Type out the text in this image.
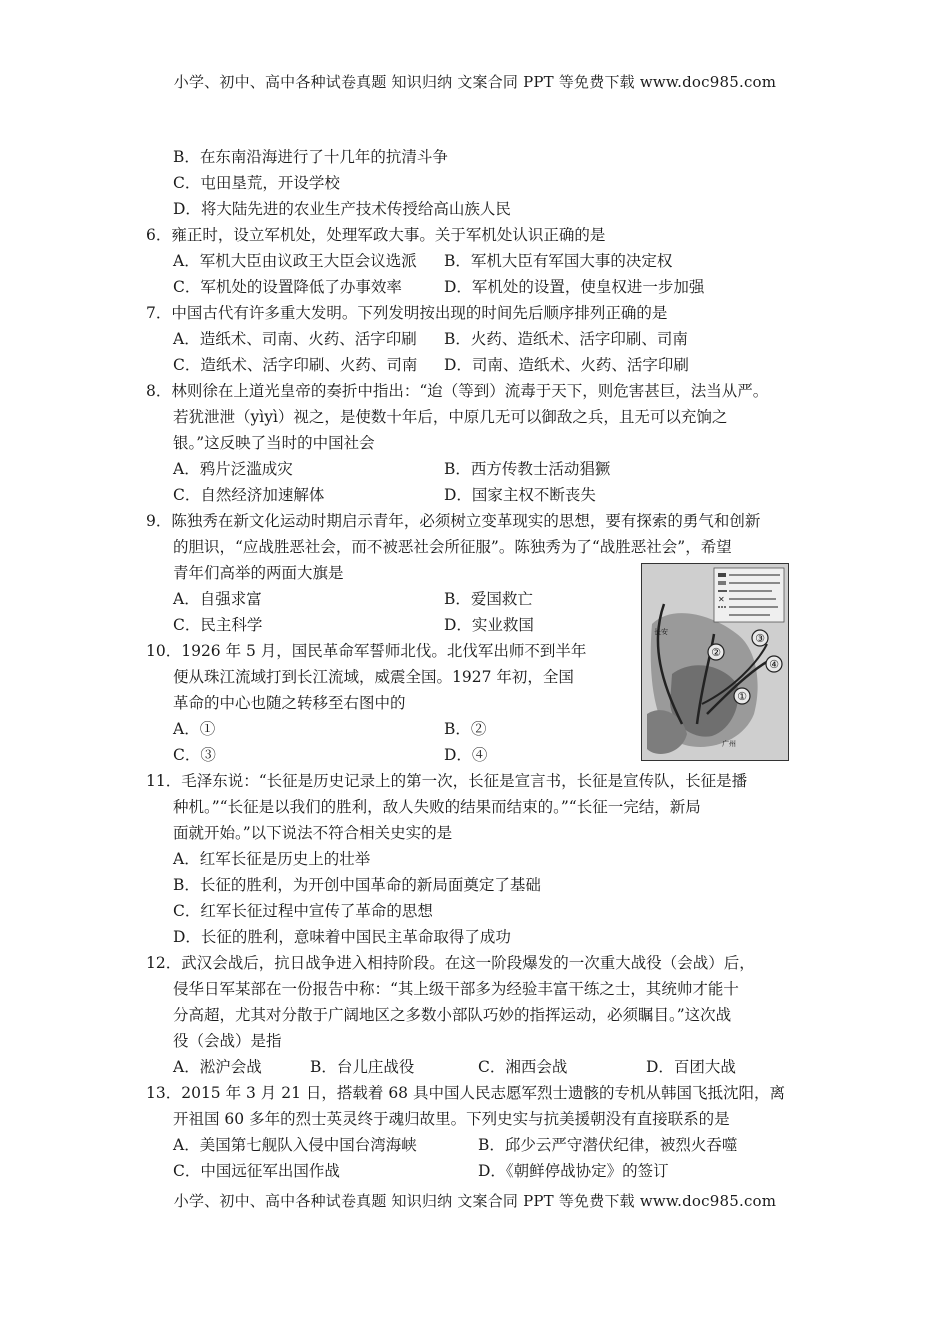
小学、初中、高中各种试卷真题 知识归纳 文案合同 PPT 等免费下载 www.doc985.com
B．在东南沿海进行了十几年的抗清斗争
C．屯田垦荒，开设学校
D．将大陆先进的农业生产技术传授给高山族人民
6．雍正时，设立军机处，处理军政大事。关于军机处认识正确的是
A．军机大臣由议政王大臣会议选派 B．军机大臣有军国大事的决定权
C．军机处的设置降低了办事效率	D．军机处的设置，使皇权进一步加强
7．中国古代有许多重大发明。下列发明按出现的时间先后顺序排列正确的是
A．造纸术、司南、火药、活字印刷 B．火药、造纸术、活字印刷、司南
C．造纸术、活字印刷、火药、司南 D．司南、造纸术、火药、活字印刷
8．林则徐在上道光皇帝的奏折中指出：“迨（等到）流毒于天下，则危害甚巨，法当从严。
若犹泄泄（yìyì）视之，是使数十年后，中原几无可以御敌之兵，且无可以充饷之
银。”这反映了当时的中国社会
A．鸦片泛滥成灾	B．西方传教士活动猖獗
C．自然经济加速解体	D．国家主权不断丧失
9．陈独秀在新文化运动时期启示青年，必须树立变革现实的思想，要有探索的勇气和创新
的胆识，“应战胜恶社会，而不被恶社会所征服”。陈独秀为了“战胜恶社会”，希望
青年们高举的两面大旗是
A．自强求富	B．爱国救亡
C．民主科学	D．实业救国
10．1926 年 5 月，国民革命军誓师北伐。北伐军出师不到半年
便从珠江流域打到长江流域，威震全国。1927 年初，全国
革命的中心也随之转移至右图中的
A．①	B．②
C．③	D．④
✕
①
②
③
④
长安
广州
11．毛泽东说：“长征是历史记录上的第一次，长征是宣言书，长征是宣传队，长征是播
种机。”“长征是以我们的胜利，敌人失败的结果而结束的。”“长征一完结，新局
面就开始。”以下说法不符合相关史实的是
A．红军长征是历史上的壮举
B．长征的胜利，为开创中国革命的新局面奠定了基础
C．红军长征过程中宣传了革命的思想
D．长征的胜利，意味着中国民主革命取得了成功
12．武汉会战后，抗日战争进入相持阶段。在这一阶段爆发的一次重大战役（会战）后，
侵华日军某部在一份报告中称：“其上级干部多为经验丰富干练之士，其统帅才能十
分高超，尤其对分散于广阔地区之多数小部队巧妙的指挥运动，必须瞩目。”这次战
役（会战）是指
A．淞沪会战	B．台儿庄战役	C．湘西会战	D．百团大战
13．2015 年 3 月 21 日，搭载着 68 具中国人民志愿军烈士遗骸的专机从韩国飞抵沈阳，离
开祖国 60 多年的烈士英灵终于魂归故里。下列史实与抗美援朝没有直接联系的是
A．美国第七舰队入侵中国台湾海峡	B．邱少云严守潜伏纪律，被烈火吞噬
C．中国远征军出国作战	D．《朝鲜停战协定》的签订
小学、初中、高中各种试卷真题 知识归纳 文案合同 PPT 等免费下载 www.doc985.com
